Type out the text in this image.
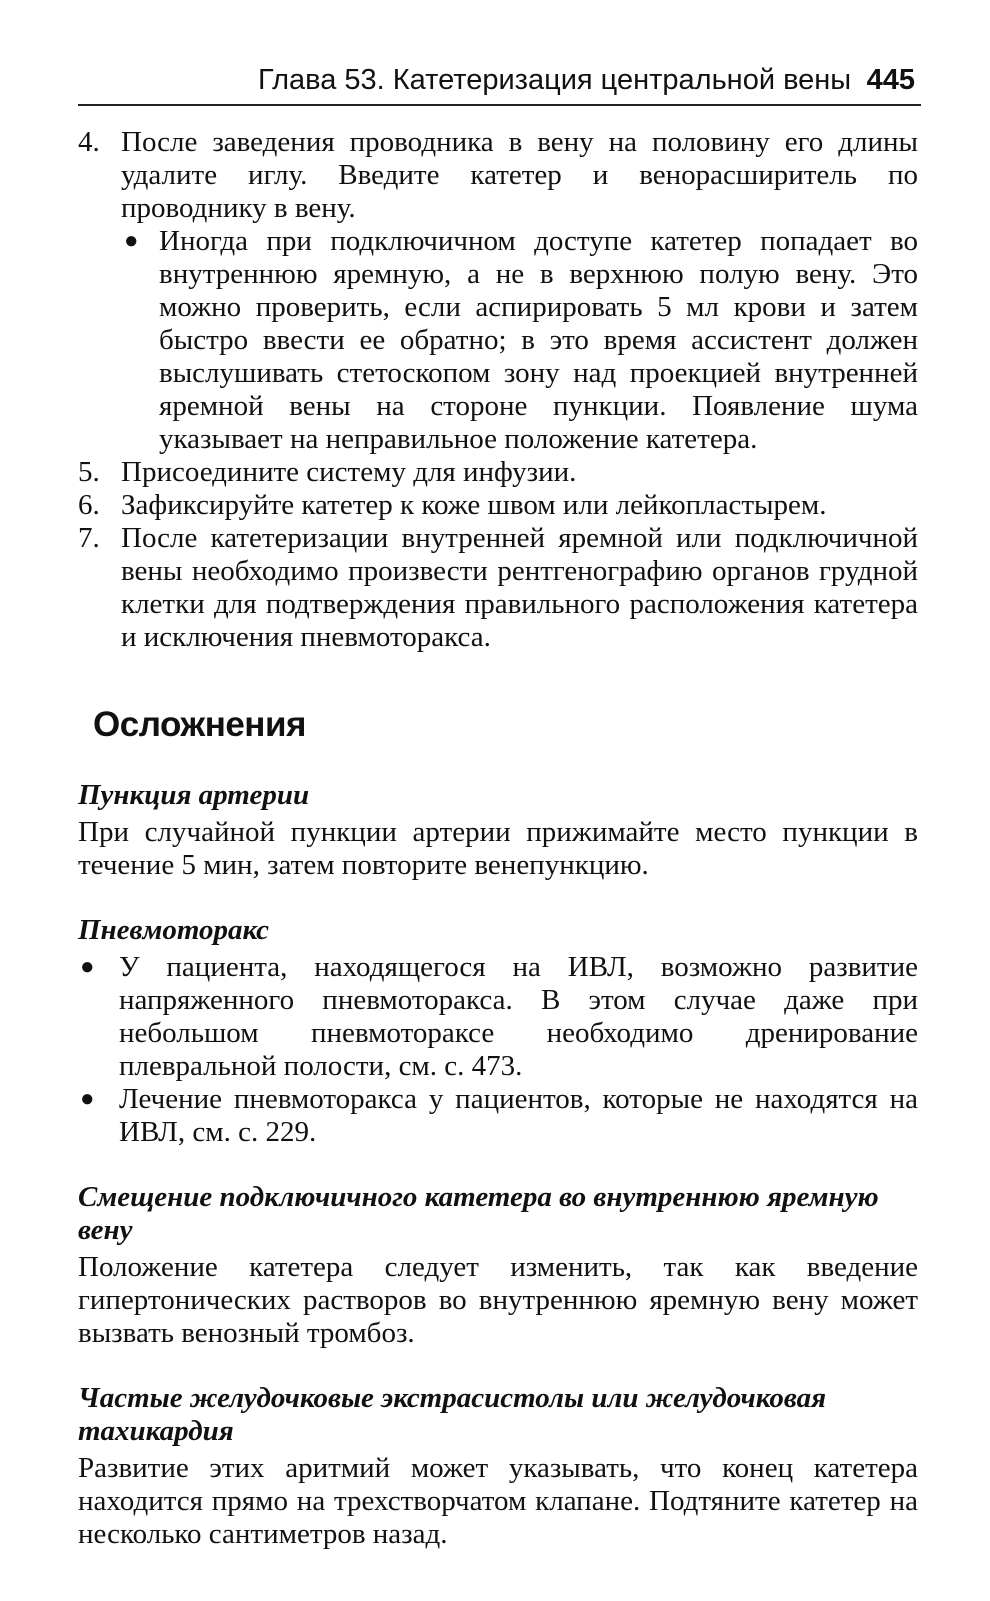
Глава 53. Катетеризация центральной вены 445
4. После заведения проводника в вену на половину его длины удалите иглу. Введите катетер и венорасширитель по проводнику в вену.
● Иногда при подключичном доступе катетер попадает во внутреннюю яремную, а не в верхнюю полую вену. Это можно проверить, если аспирировать 5 мл крови и затем быстро ввести ее обратно; в это время ассистент должен выслушивать стетоскопом зону над проекцией внутренней яремной вены на стороне пункции. Появление шума указывает на неправильное положение катетера.
5. Присоедините систему для инфузии.
6. Зафиксируйте катетер к коже швом или лейкопластырем.
7. После катетеризации внутренней яремной или подключичной вены необходимо произвести рентгенографию органов грудной клетки для подтверждения правильного расположения катетера и исключения пневмоторакса.
Осложнения
Пункция артерии

При случайной пункции артерии прижимайте место пункции в течение 5 мин, затем повторите венепункцию.

Пневмоторакс
● У пациента, находящегося на ИВЛ, возможно развитие напряженного пневмоторакса. В этом случае даже при небольшом пневмотораксе необходимо дренирование плевральной полости, см. с. 473.
● Лечение пневмоторакса у пациентов, которые не находятся на ИВЛ, см. с. 229.
Смещение подключичного катетера во внутреннюю яремную вену

Положение катетера следует изменить, так как введение гипертонических растворов во внутреннюю яремную вену может вызвать венозный тромбоз.

Частые желудочковые экстрасистолы или желудочковая тахикардия

Развитие этих аритмий может указывать, что конец катетера находится прямо на трехстворчатом клапане. Подтяните катетер на несколько сантиметров назад.
